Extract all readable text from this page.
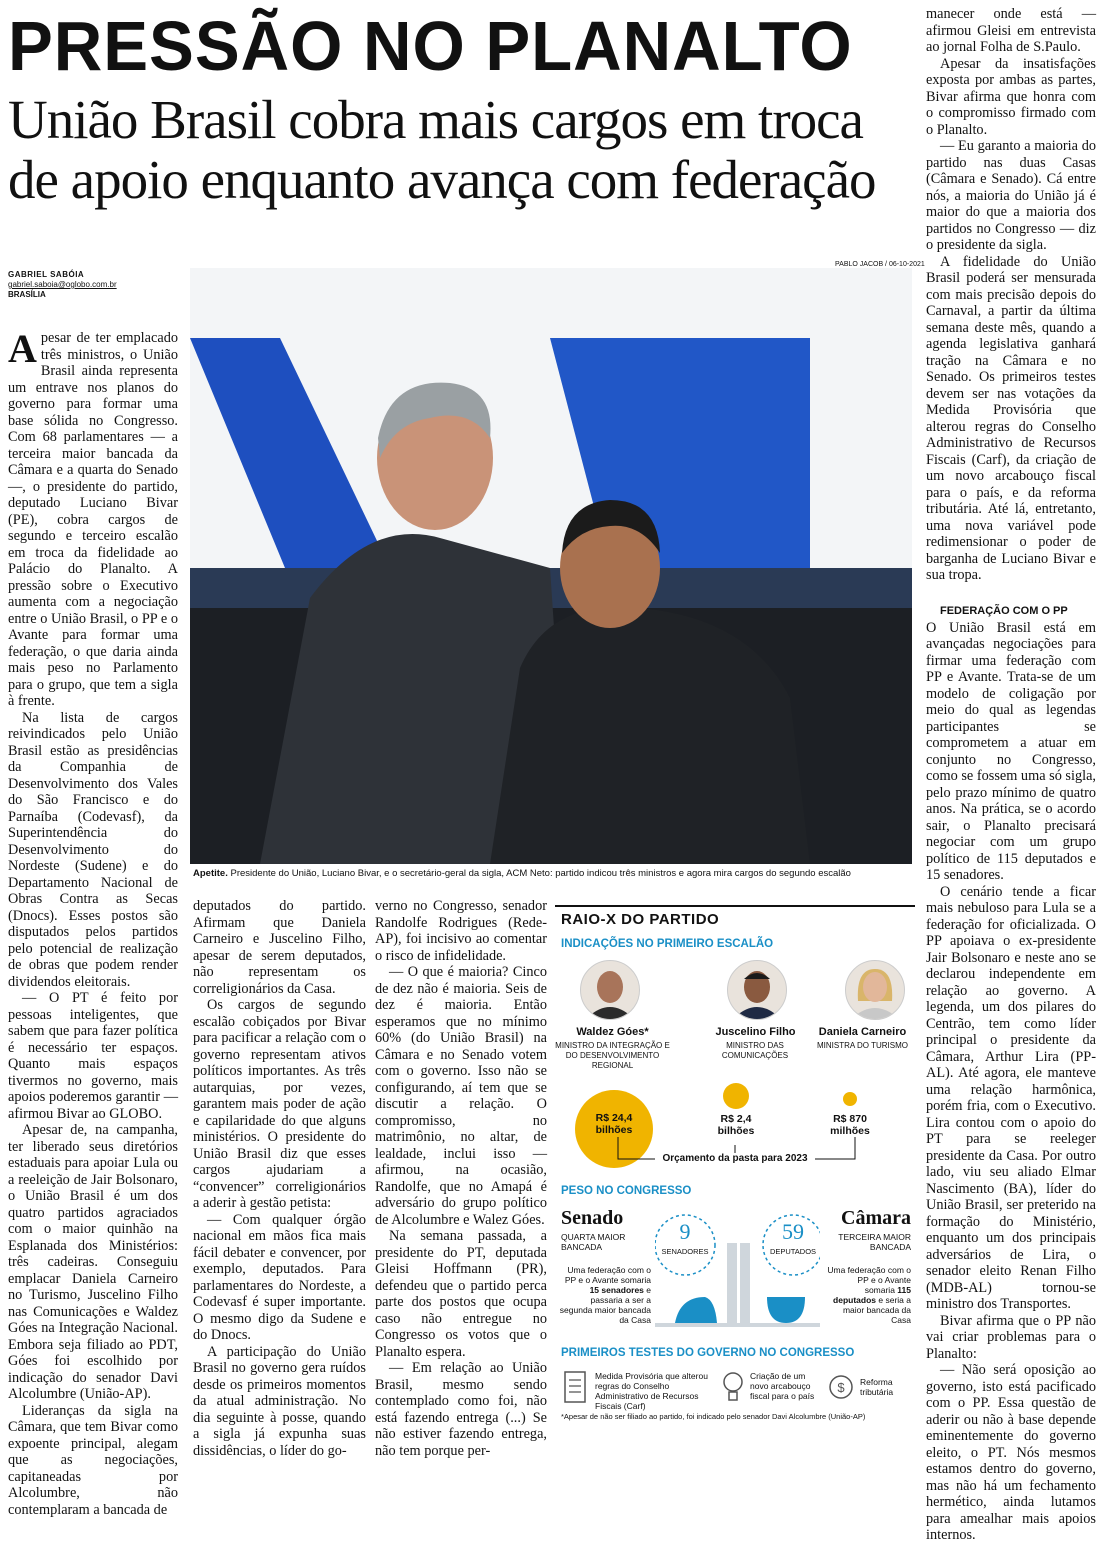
PRESSÃO NO PLANALTO
União Brasil cobra mais cargos em troca de apoio enquanto avança com federação
GABRIEL SABÓIA
gabriel.saboia@oglobo.com.br
BRASÍLIA
PABLO JACOB / 06-10-2021
Apetite. Presidente do União, Luciano Bivar, e o secretário-geral da sigla, ACM Neto: partido indicou três ministros e agora mira cargos do segundo escalão

Apesar de ter emplacado três ministros, o União Brasil ainda representa um entrave nos planos do governo para formar uma base sólida no Congresso. Com 68 parlamentares — a terceira maior bancada da Câmara e a quarta do Senado —, o presidente do partido, deputado Luciano Bivar (PE), cobra cargos de segundo e terceiro escalão em troca da fidelidade ao Palácio do Planalto. A pressão sobre o Executivo aumenta com a negociação entre o União Brasil, o PP e o Avante para formar uma federação, o que daria ainda mais peso no Parlamento para o grupo, que tem a sigla à frente.

Na lista de cargos reivindicados pelo União Brasil estão as presidências da Companhia de Desenvolvimento dos Vales do São Francisco e do Parnaíba (Codevasf), da Superintendência do Desenvolvimento do Nordeste (Sudene) e do Departamento Nacional de Obras Contra as Secas (Dnocs). Esses postos são disputados pelos partidos pelo potencial de realização de obras que podem render dividendos eleitorais.

— O PT é feito por pessoas inteligentes, que sabem que para fazer política é necessário ter espaços. Quanto mais espaços tivermos no governo, mais apoios poderemos garantir — afirmou Bivar ao GLOBO.

Apesar de, na campanha, ter liberado seus diretórios estaduais para apoiar Lula ou a reeleição de Jair Bolsonaro, o União Brasil é um dos quatro partidos agraciados com o maior quinhão na Esplanada dos Ministérios: três cadeiras. Conseguiu emplacar Daniela Carneiro no Turismo, Juscelino Filho nas Comunicações e Waldez Góes na Integração Nacional. Embora seja filiado ao PDT, Góes foi escolhido por indicação do senador Davi Alcolumbre (União-AP).

Lideranças da sigla na Câmara, que tem Bivar como expoente principal, alegam que as negociações, capitaneadas por Alcolumbre, não contemplaram a bancada de

deputados do partido. Afirmam que Daniela Carneiro e Juscelino Filho, apesar de serem deputados, não representam os correligionários da Casa.

Os cargos de segundo escalão cobiçados por Bivar para pacificar a relação com o governo representam ativos políticos importantes. As três autarquias, por vezes, garantem mais poder de ação e capilaridade do que alguns ministérios. O presidente do União Brasil diz que esses cargos ajudariam a “convencer” correligionários a aderir à gestão petista:

— Com qualquer órgão nacional em mãos fica mais fácil debater e convencer, por exemplo, deputados. Para parlamentares do Nordeste, a Codevasf é super importante. O mesmo digo da Sudene e do Dnocs.

A participação do União Brasil no governo gera ruídos desde os primeiros momentos da atual administração. No dia seguinte à posse, quando a sigla já expunha suas dissidências, o líder do go-

verno no Congresso, senador Randolfe Rodrigues (Rede-AP), foi incisivo ao comentar o risco de infidelidade.

— O que é maioria? Cinco de dez não é maioria. Seis de dez é maioria. Então esperamos que no mínimo 60% (do União Brasil) na Câmara e no Senado votem com o governo. Isso não se configurando, aí tem que se discutir a relação. O compromisso, no matrimônio, no altar, de lealdade, inclui isso — afirmou, na ocasião, Randolfe, que no Amapá é adversário do grupo político de Alcolumbre e Walez Góes.

Na semana passada, a presidente do PT, deputada Gleisi Hoffmann (PR), defendeu que o partido perca parte dos postos que ocupa caso não entregue no Congresso os votos que o Planalto espera.

— Em relação ao União Brasil, mesmo sendo contemplado como foi, não está fazendo entrega (...) Se não estiver fazendo entrega, não tem porque per-

manecer onde está — afirmou Gleisi em entrevista ao jornal Folha de S.Paulo.

Apesar da insatisfações exposta por ambas as partes, Bivar afirma que honra com o compromisso firmado com o Planalto.

— Eu garanto a maioria do partido nas duas Casas (Câmara e Senado). Cá entre nós, a maioria do União já é maior do que a maioria dos partidos no Congresso — diz o presidente da sigla.

A fidelidade do União Brasil poderá ser mensurada com mais precisão depois do Carnaval, a partir da última semana deste mês, quando a agenda legislativa ganhará tração na Câmara e no Senado. Os primeiros testes devem ser nas votações da Medida Provisória que alterou regras do Conselho Administrativo de Recursos Fiscais (Carf), da criação de um novo arcabouço fiscal para o país, e da reforma tributária. Até lá, entretanto, uma nova variável pode redimensionar o poder de barganha de Luciano Bivar e sua tropa.

FEDERAÇÃO COM O PP

O União Brasil está em avançadas negociações para firmar uma federação com PP e Avante. Trata-se de um modelo de coligação por meio do qual as legendas participantes se comprometem a atuar em conjunto no Congresso, como se fossem uma só sigla, pelo prazo mínimo de quatro anos. Na prática, se o acordo sair, o Planalto precisará negociar com um grupo político de 115 deputados e 15 senadores.

O cenário tende a ficar mais nebuloso para Lula se a federação for oficializada. O PP apoiava o ex-presidente Jair Bolsonaro e neste ano se declarou independente em relação ao governo. A legenda, um dos pilares do Centrão, tem como líder principal o presidente da Câmara, Arthur Lira (PP-AL). Até agora, ele manteve uma relação harmônica, porém fria, com o Executivo. Lira contou com o apoio do PT para se reeleger presidente da Casa. Por outro lado, viu seu aliado Elmar Nascimento (BA), líder do União Brasil, ser preterido na formação do Ministério, enquanto um dos principais adversários de Lira, o senador eleito Renan Filho (MDB-AL) tornou-se ministro dos Transportes.

Bivar afirma que o PP não vai criar problemas para o Planalto:

— Não será oposição ao governo, isto está pacificado com o PP. Essa questão de aderir ou não à base depende eminentemente do governo eleito, o PT. Nós mesmos estamos dentro do governo, mas não há um fechamento hermético, ainda lutamos para amealhar mais apoios internos.

RAIO-X DO PARTIDO
INDICAÇÕES NO PRIMEIRO ESCALÃO
Waldez Góes*
MINISTRO DA INTEGRAÇÃO E DO DESENVOLVIMENTO REGIONAL
Juscelino Filho
MINISTRO DAS COMUNICAÇÕES
Daniela Carneiro
MINISTRA DO TURISMO
R$ 24,4
bilhões
R$ 2,4
bilhões
R$ 870
milhões
Orçamento da pasta para 2023
PESO NO CONGRESSO
Senado
QUARTA MAIOR BANCADA
Uma federação com o PP e o Avante somaria 15 senadores e passaria a ser a segunda maior bancada da Casa
Câmara
TERCEIRA MAIOR BANCADA
Uma federação com o PP e o Avante somaria 115 deputados e seria a maior bancada da Casa
9
SENADORES
59
DEPUTADOS
PRIMEIROS TESTES DO GOVERNO NO CONGRESSO
Medida Provisória que alterou regras do Conselho Administrativo de Recursos Fiscais (Carf)
Criação de um novo arcabouço fiscal para o país
$ Reforma tributária
*Apesar de não ser filiado ao partido, foi indicado pelo senador Davi Alcolumbre (União-AP)
